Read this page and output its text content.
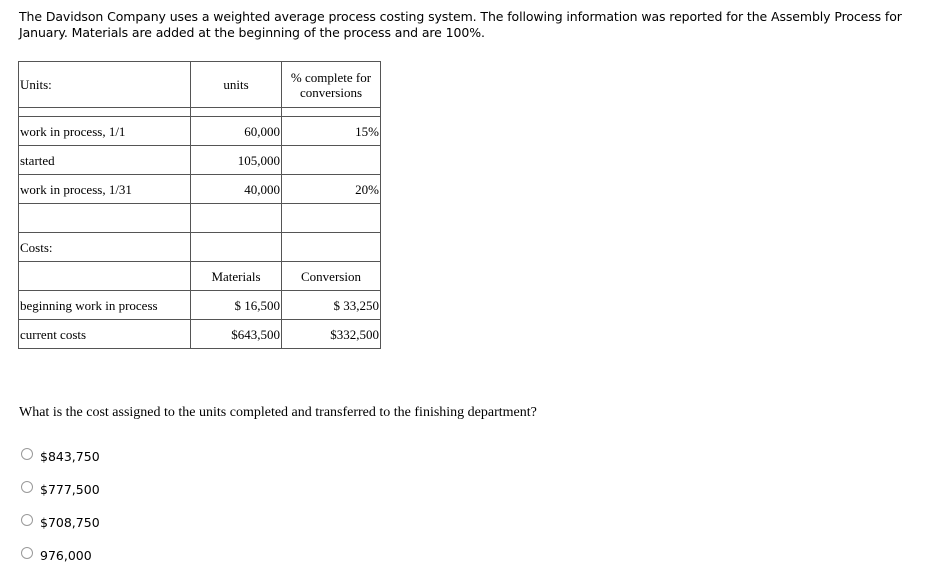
The Davidson Company uses a weighted average process costing system. The following information was reported for the Assembly Process for January. Materials are added at the beginning of the process and are 100%.
Units:	units	% complete for conversions

work in process, 1/1	60,000	15%
started	105,000	
work in process, 1/31	40,000	20%

Costs:		
	Materials	Conversion
beginning work in process	$ 16,500	$ 33,250
current costs	$643,500	$332,500
What is the cost assigned to the units completed and transferred to the finishing department?
$843,750
$777,500
$708,750
976,000
